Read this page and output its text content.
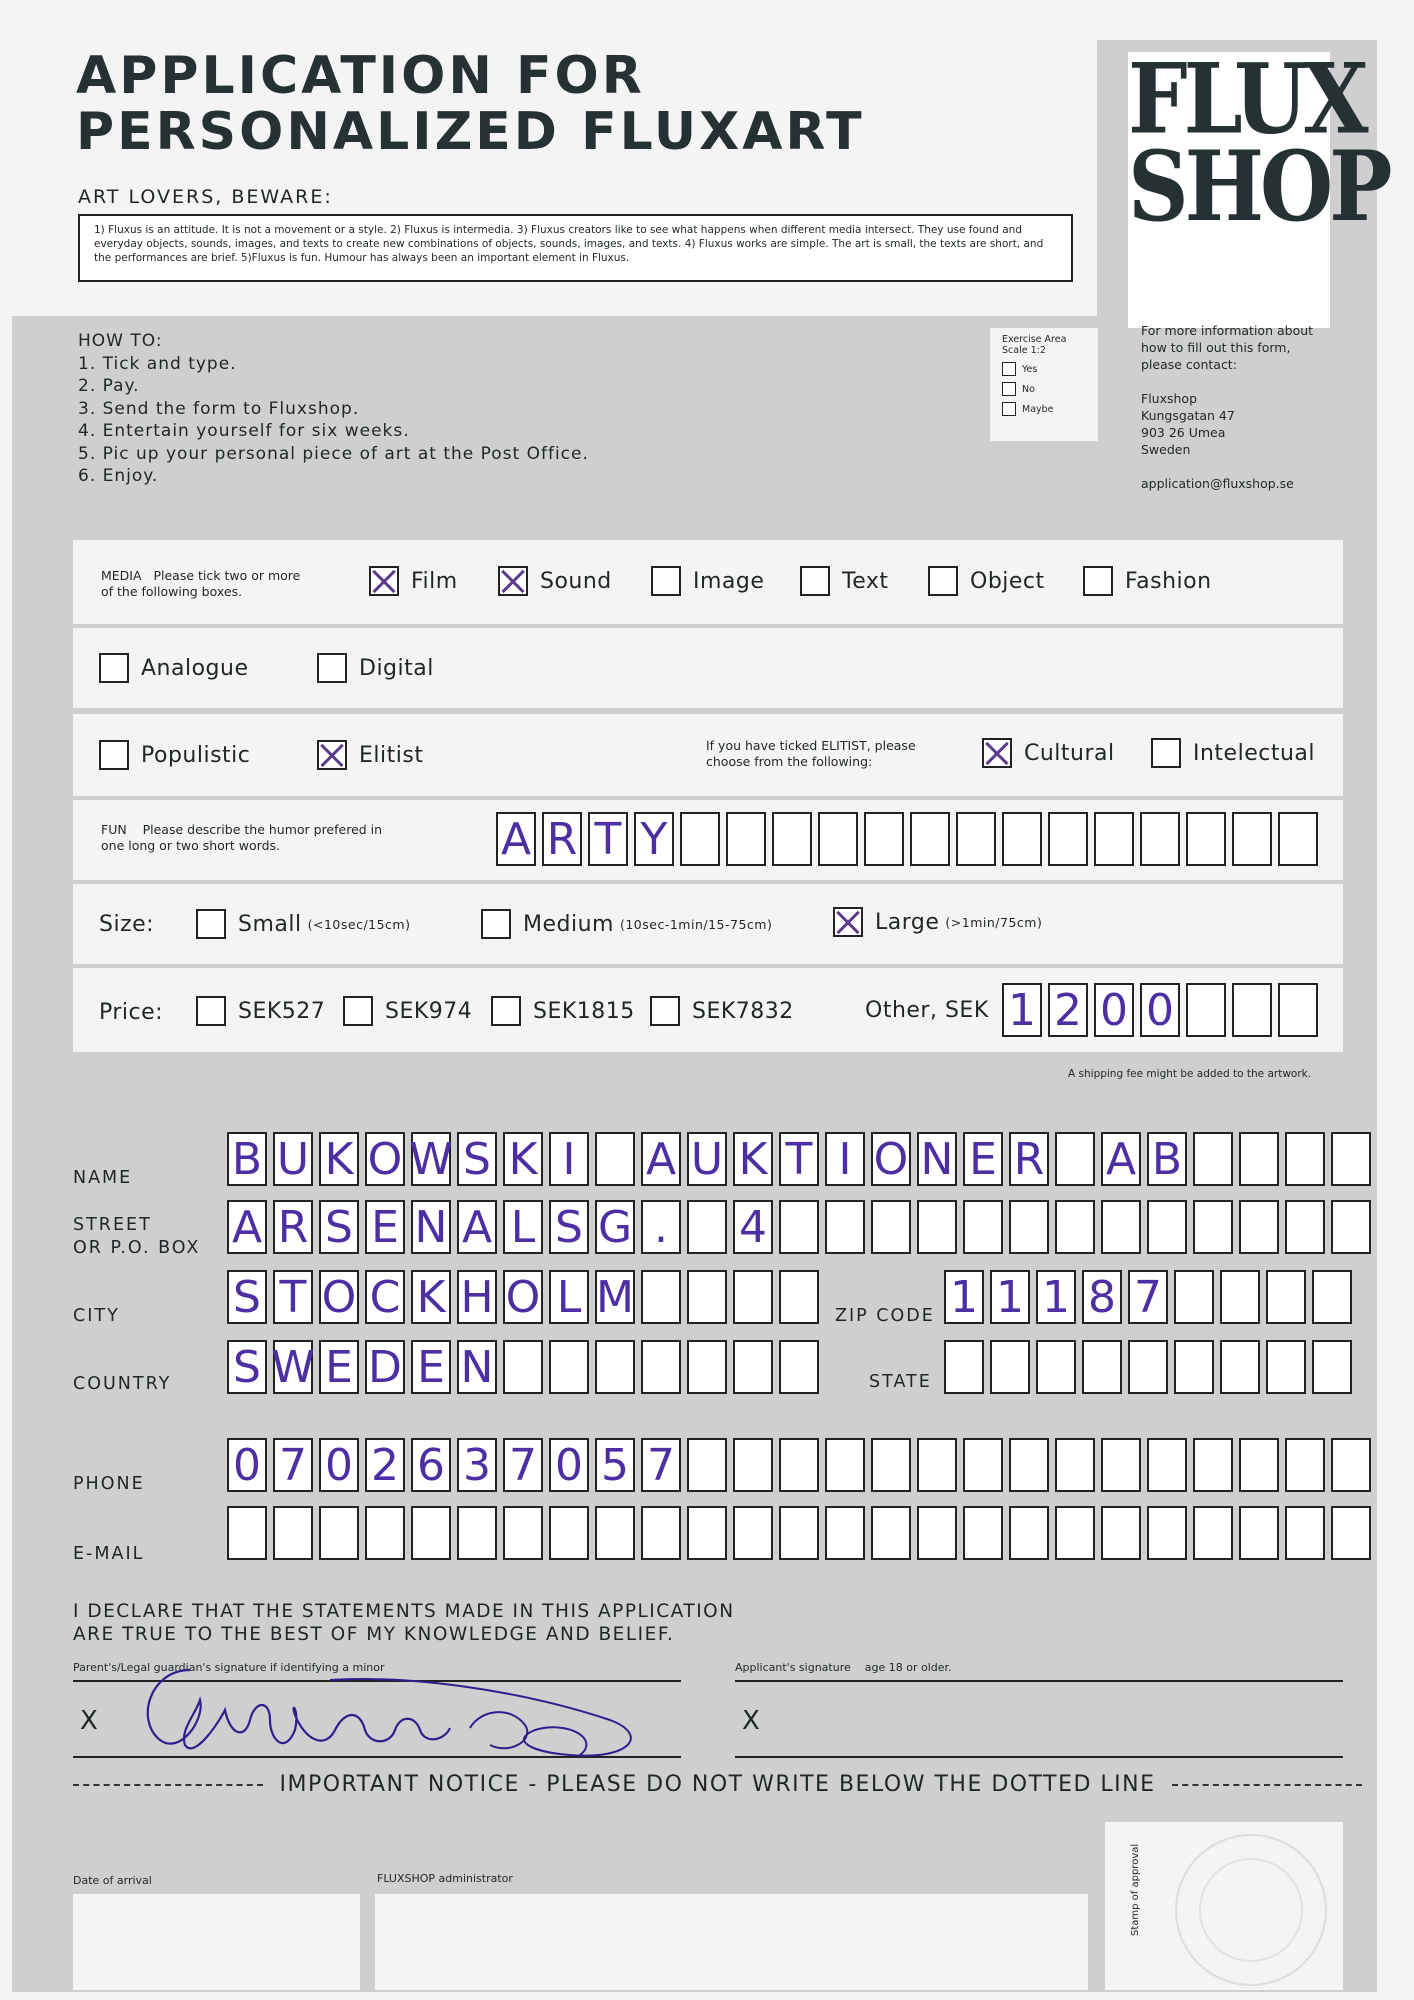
APPLICATION FOR
PERSONALIZED FLUXART
ART LOVERS, BEWARE:
1) Fluxus is an attitude. It is not a movement or a style. 2) Fluxus is intermedia. 3) Fluxus creators like to see what happens when different media intersect. They use found and everyday objects, sounds, images, and texts to create new combinations of objects, sounds, images, and texts. 4) Fluxus works are simple. The art is small, the texts are short, and the performances are brief. 5)Fluxus is fun. Humour has always been an important element in Fluxus.
FLUX
SHOP
For more information about
how to fill out this form,
please contact:
Fluxshop
Kungsgatan 47
903 26 Umea
Sweden
application@fluxshop.se
HOW TO:
1. Tick and type.
2. Pay.
3. Send the form to Fluxshop.
4. Entertain yourself for six weeks.
5. Pic up your personal piece of art at the Post Office.
6. Enjoy.
Exercise Area
Scale 1:2
Yes
No
Maybe
MEDIA Please tick two or more of the following boxes.	Film	Sound	Image	Text	Object	Fashion
Analogue	Digital
Populistic	Elitist	If you have ticked ELITIST, please choose from the following:	Cultural	Intelectual
FUN Please describe the humor prefered in one long or two short words.	A R T Y
Size:	Small (<10sec/15cm)	Medium (10sec-1min/15-75cm)	Large (>1min/75cm)
Price:	SEK527	SEK974	SEK1815	SEK7832	Other, SEK 1 2 0 0
A shipping fee might be added to the artwork.
NAME B U K O W S K I	A U K T I O N E R A B
STREET
OR P.O. BOX A R S E N A L S G . 4
CITY	S T O C K H O L M	ZIP CODE 1 1 1 8 7
COUNTRY S W E D E N	STATE
PHONE 0 7 0 2 6 3 7 0 5 7
E-MAIL
I DECLARE THAT THE STATEMENTS MADE IN THIS APPLICATION
ARE TRUE TO THE BEST OF MY KNOWLEDGE AND BELIEF.
Parent's/Legal guardian's signature if identifying a minor	Applicant's signature age 18 or older.
X	X
IMPORTANT NOTICE - PLEASE DO NOT WRITE BELOW THE DOTTED LINE
Date of arrival	FLUXSHOP administrator	Stamp of approval
